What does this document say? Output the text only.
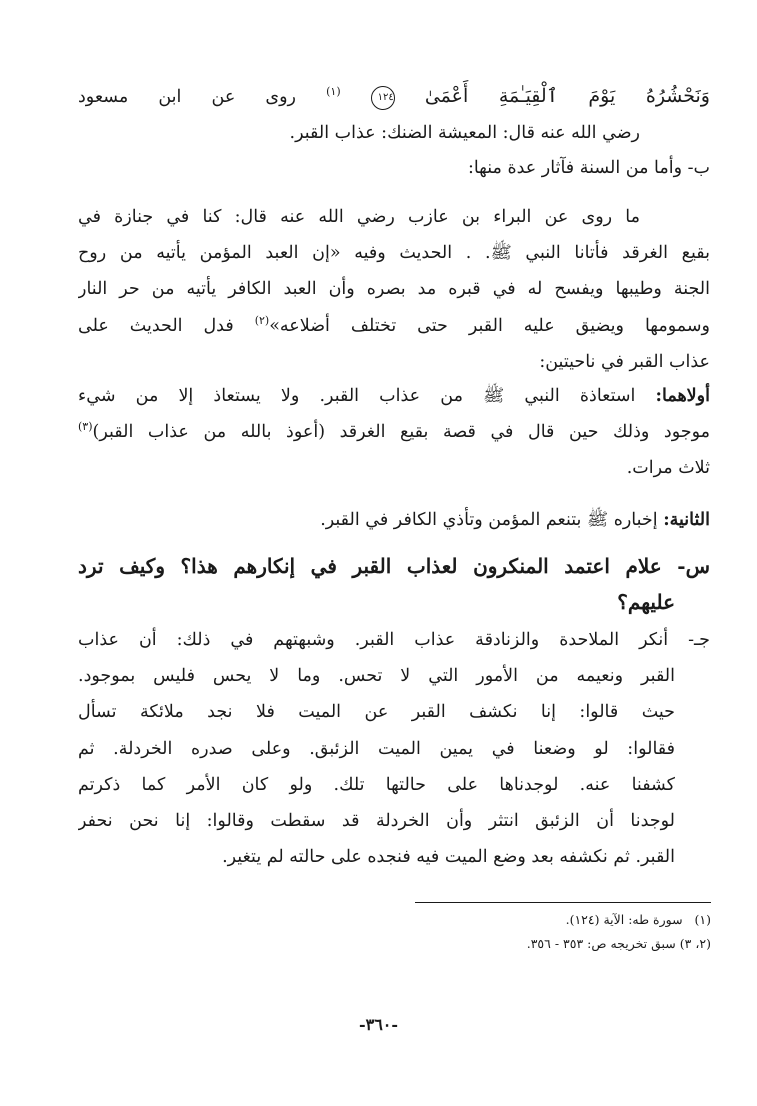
وَنَحْشُرُهُ يَوْمَ ٱلْقِيَـٰمَةِ أَعْمَىٰ ١٢٤ $^{(١)}$ روى عن ابن مسعود
رضي الله عنه قال: المعيشة الضنك: عذاب القبر.
ب- وأما من السنة فآثار عدة منها:
ما روى عن البراء بن عازب رضي الله عنه قال: كنا في جنازة في
بقيع الغرقد فأتانا النبي ﷺ. . الحديث وفيه «إن العبد المؤمن يأتيه من روح
الجنة وطيبها ويفسح له في قبره مد بصره وأن العبد الكافر يأتيه من حر النار
وسمومها ويضيق عليه القبر حتى تختلف أضلاعه»$^{(٢)}$ فدل الحديث على
عذاب القبر في ناحيتين:
أولاهما: استعاذة النبي ﷺ من عذاب القبر. ولا يستعاذ إلا من شيء
موجود وذلك حين قال في قصة بقيع الغرقد (أعوذ بالله من عذاب القبر)$^{(٣)}$
ثلاث مرات.
الثانية: إخباره ﷺ بتنعم المؤمن وتأذي الكافر في القبر.
س- علام اعتمد المنكرون لعذاب القبر في إنكارهم هذا؟ وكيف ترد
عليهم؟
جـ- أنكر الملاحدة والزنادقة عذاب القبر. وشبهتهم في ذلك: أن عذاب
القبر ونعيمه من الأمور التي لا تحس. وما لا يحس فليس بموجود.
حيث قالوا: إنا نكشف القبر عن الميت فلا نجد ملائكة تسأل
فقالوا: لو وضعنا في يمين الميت الزئبق. وعلى صدره الخردلة. ثم
كشفنا عنه. لوجدناها على حالتها تلك. ولو كان الأمر كما ذكرتم
لوجدنا أن الزئبق انتثر وأن الخردلة قد سقطت وقالوا: إنا نحن نحفر
القبر. ثم نكشفه بعد وضع الميت فيه فنجده على حالته لم يتغير.
(١)   سورة طه: الآية (١٢٤).
(٢، ٣) سبق تخريجه ص: ٣٥٣ - ٣٥٦.
-٣٦٠-
